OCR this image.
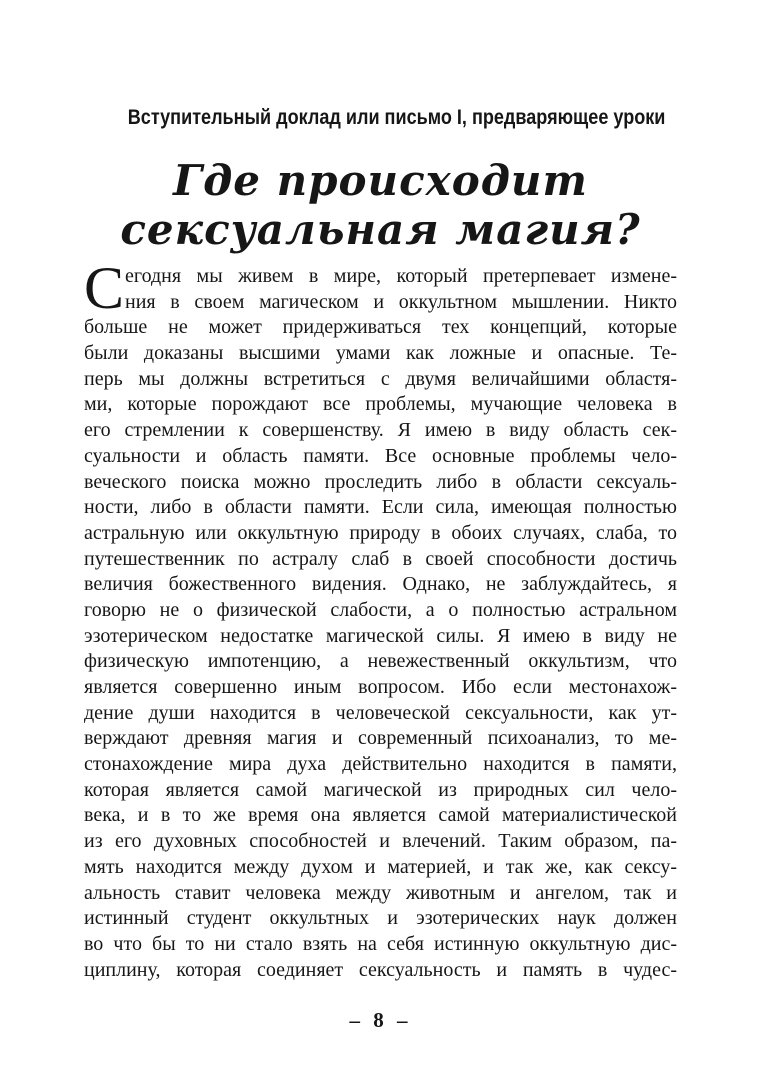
Вступительный доклад или письмо I, предваряющее уроки
Где происходит
сексуальная магия?
С егодня мы живем в мире, который претерпевает измене-
ния в своем магическом и оккультном мышлении. Никто
больше не может придерживаться тех концепций, которые
были доказаны высшими умами как ложные и опасные. Те-
перь мы должны встретиться с двумя величайшими областя-
ми, которые порождают все проблемы, мучающие человека в
его стремлении к совершенству. Я имею в виду область сек-
суальности и область памяти. Все основные проблемы чело-
веческого поиска можно проследить либо в области сексуаль-
ности, либо в области памяти. Если сила, имеющая полностью
астральную или оккультную природу в обоих случаях, слаба, то
путешественник по астралу слаб в своей способности достичь
величия божественного видения. Однако, не заблуждайтесь, я
говорю не о физической слабости, а о полностью астральном
эзотерическом недостатке магической силы. Я имею в виду не
физическую импотенцию, а невежественный оккультизм, что
является совершенно иным вопросом. Ибо если местонахож-
дение души находится в человеческой сексуальности, как ут-
верждают древняя магия и современный психоанализ, то ме-
стонахождение мира духа действительно находится в памяти,
которая является самой магической из природных сил чело-
века, и в то же время она является самой материалистической
из его духовных способностей и влечений. Таким образом, па-
мять находится между духом и материей, и так же, как сексу-
альность ставит человека между животным и ангелом, так и
истинный студент оккультных и эзотерических наук должен
во что бы то ни стало взять на себя истинную оккультную дис-
циплину, которая соединяет сексуальность и память в чудес-
– 8 –
